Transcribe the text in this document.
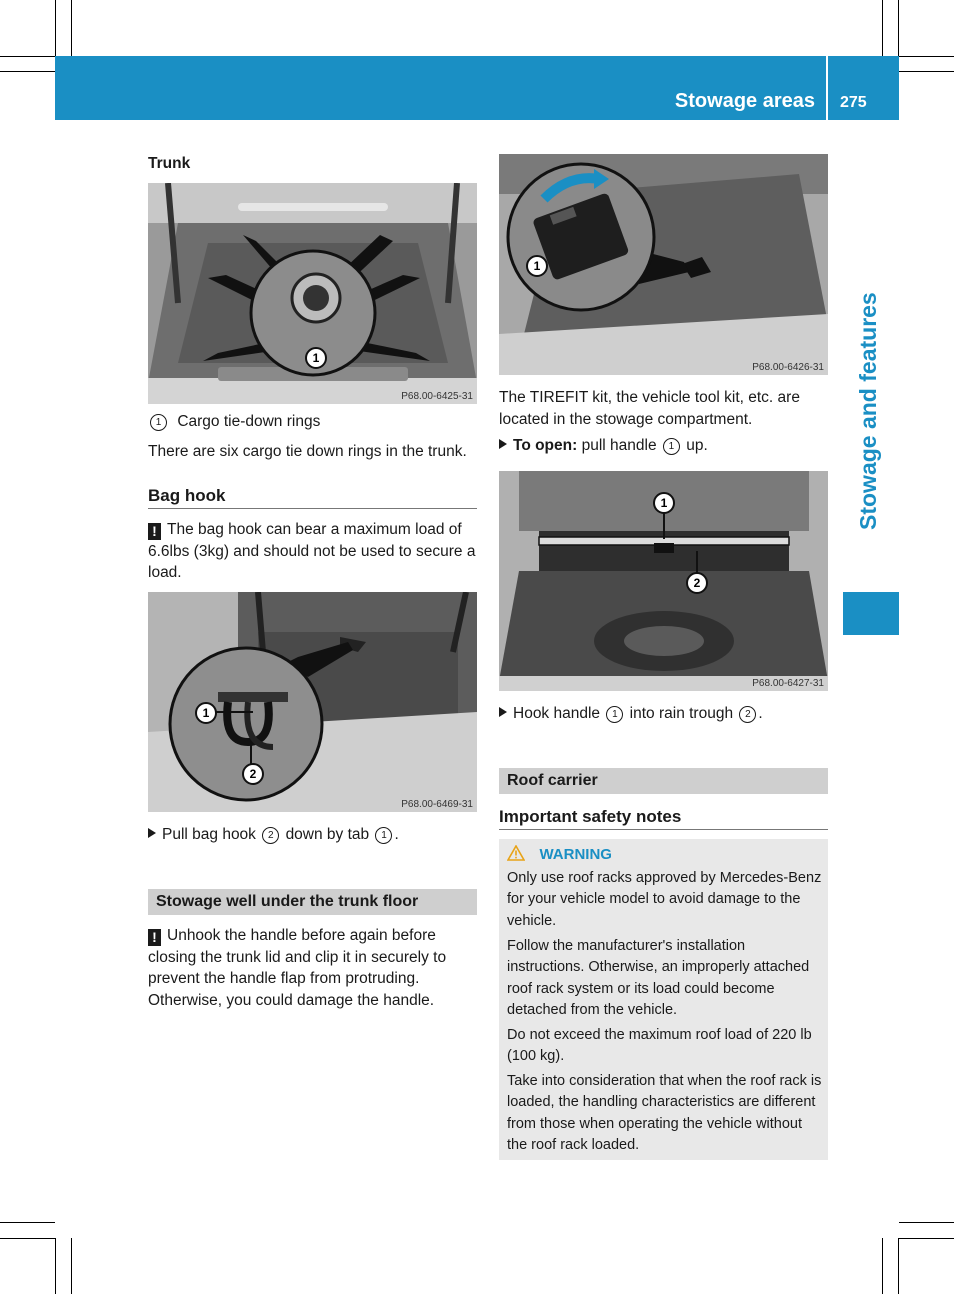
Stowage areas 275
Stowage and features
Trunk
1
P68.00-6425-31
1 Cargo tie-down rings
There are six cargo tie down rings in the trunk.
Bag hook
! The bag hook can bear a maximum load of 6.6lbs (3kg) and should not be used to secure a load.
1
2
P68.00-6469-31
Pull bag hook 2 down by tab 1 .
Stowage well under the trunk floor
! Unhook the handle before again before closing the trunk lid and clip it in securely to prevent the handle flap from protruding. Otherwise, you could damage the handle.
1
P68.00-6426-31
The TIREFIT kit, the vehicle tool kit, etc. are located in the stowage compartment.
To open: pull handle 1 up.
1
2
P68.00-6427-31
Hook handle 1 into rain trough 2 .
Roof carrier
Important safety notes
WARNING
Only use roof racks approved by Mercedes-Benz for your vehicle model to avoid damage to the vehicle.
Follow the manufacturer's installation instructions. Otherwise, an improperly attached roof rack system or its load could become detached from the vehicle.
Do not exceed the maximum roof load of 220 lb (100 kg).
Take into consideration that when the roof rack is loaded, the handling characteristics are different from those when operating the vehicle without the roof rack loaded.
